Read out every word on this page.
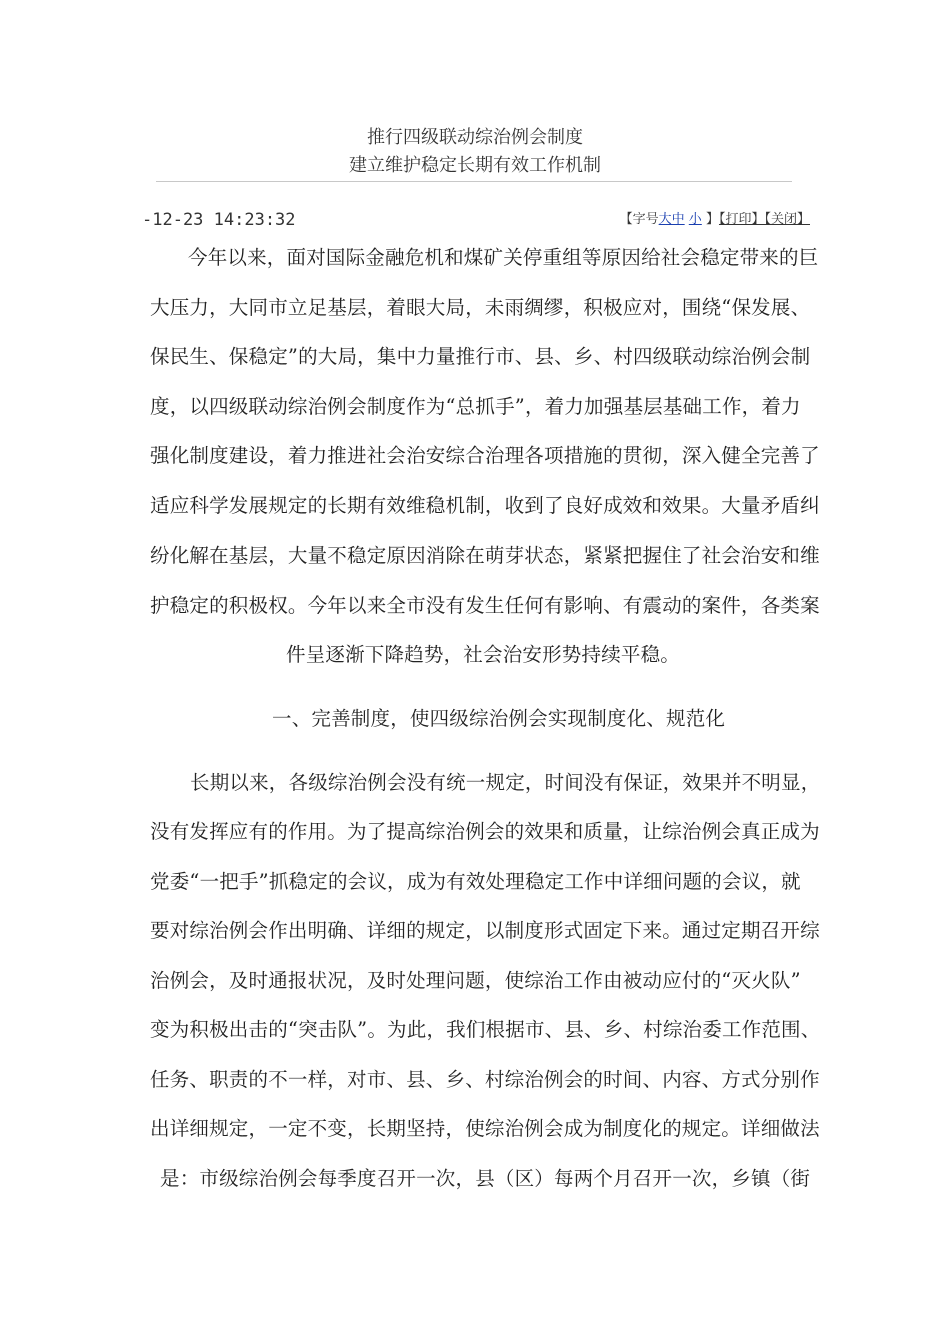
推行四级联动综治例会制度
建立维护稳定长期有效工作机制
-12-23 14:23:32	【字号大中 小 】【打印】【关闭】
今年以来，面对国际金融危机和煤矿关停重组等原因给社会稳定带来的巨
大压力，大同市立足基层，着眼大局，未雨绸缪，积极应对，围绕“保发展、
保民生、保稳定”的大局，集中力量推行市、县、乡、村四级联动综治例会制
度，以四级联动综治例会制度作为“总抓手”，着力加强基层基础工作，着力
强化制度建设，着力推进社会治安综合治理各项措施的贯彻，深入健全完善了
适应科学发展规定的长期有效维稳机制，收到了良好成效和效果。大量矛盾纠
纷化解在基层，大量不稳定原因消除在萌芽状态，紧紧把握住了社会治安和维
护稳定的积极权。今年以来全市没有发生任何有影响、有震动的案件，各类案
件呈逐渐下降趋势，社会治安形势持续平稳。
一、完善制度，使四级综治例会实现制度化、规范化
长期以来，各级综治例会没有统一规定，时间没有保证，效果并不明显，
没有发挥应有的作用。为了提高综治例会的效果和质量，让综治例会真正成为
党委“一把手”抓稳定的会议，成为有效处理稳定工作中详细问题的会议，就
要对综治例会作出明确、详细的规定，以制度形式固定下来。通过定期召开综
治例会，及时通报状况，及时处理问题，使综治工作由被动应付的“灭火队”
变为积极出击的“突击队”。为此，我们根据市、县、乡、村综治委工作范围、
任务、职责的不一样，对市、县、乡、村综治例会的时间、内容、方式分别作
出详细规定，一定不变，长期坚持，使综治例会成为制度化的规定。详细做法
是：市级综治例会每季度召开一次，县（区）每两个月召开一次，乡镇（街
